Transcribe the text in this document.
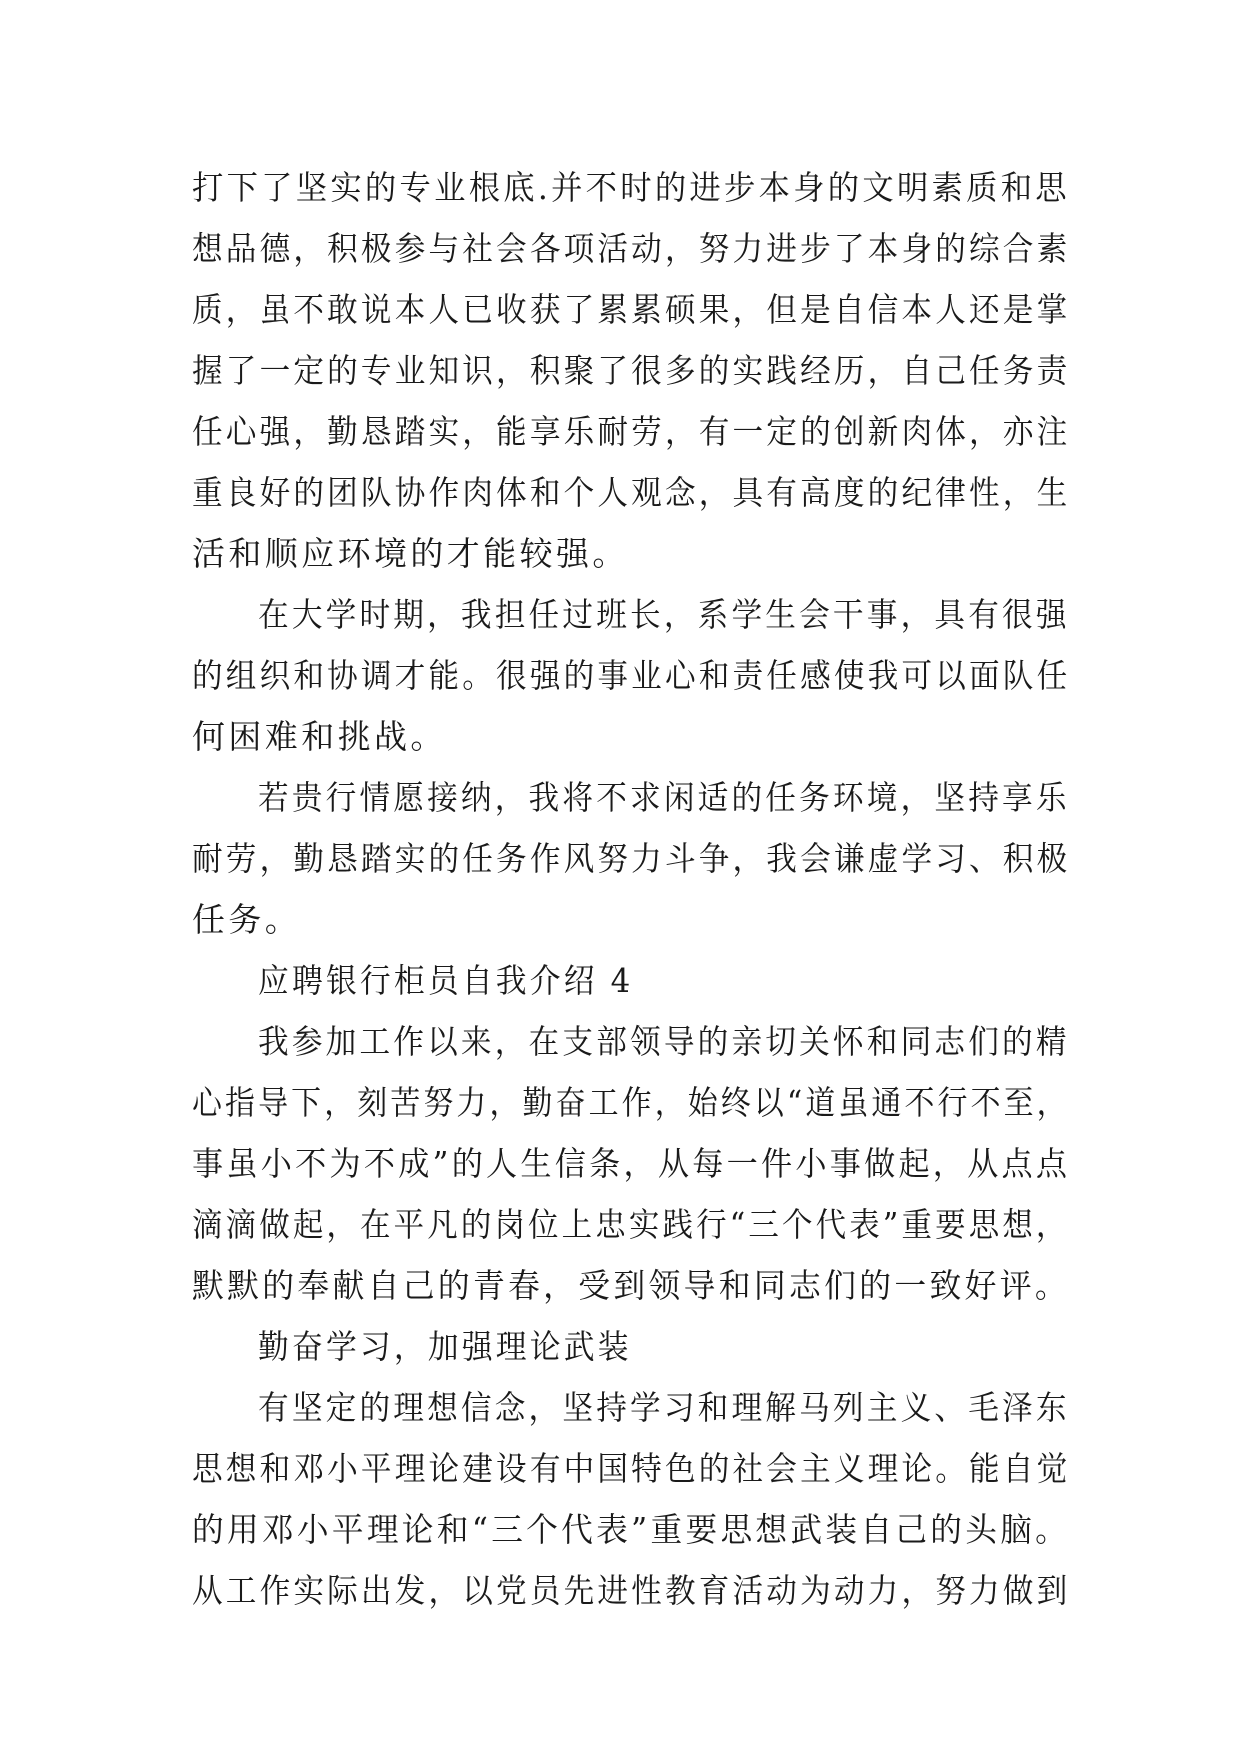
打下了坚实的专业根底.并不时的进步本身的文明素质和思
想品德，积极参与社会各项活动，努力进步了本身的综合素
质，虽不敢说本人已收获了累累硕果，但是自信本人还是掌
握了一定的专业知识，积聚了很多的实践经历，自己任务责
任心强，勤恳踏实，能享乐耐劳，有一定的创新肉体，亦注
重良好的团队协作肉体和个人观念，具有高度的纪律性，生
活和顺应环境的才能较强。
在大学时期，我担任过班长，系学生会干事，具有很强
的组织和协调才能。很强的事业心和责任感使我可以面队任
何困难和挑战。
若贵行情愿接纳，我将不求闲适的任务环境，坚持享乐
耐劳，勤恳踏实的任务作风努力斗争，我会谦虚学习、积极
任务。
应聘银行柜员自我介绍 4
我参加工作以来，在支部领导的亲切关怀和同志们的精
心指导下，刻苦努力，勤奋工作，始终以“道虽通不行不至，
事虽小不为不成”的人生信条，从每一件小事做起，从点点
滴滴做起，在平凡的岗位上忠实践行“三个代表”重要思想，
默默的奉献自己的青春，受到领导和同志们的一致好评。
勤奋学习，加强理论武装
有坚定的理想信念，坚持学习和理解马列主义、毛泽东
思想和邓小平理论建设有中国特色的社会主义理论。能自觉
的用邓小平理论和“三个代表”重要思想武装自己的头脑。
从工作实际出发，以党员先进性教育活动为动力，努力做到
